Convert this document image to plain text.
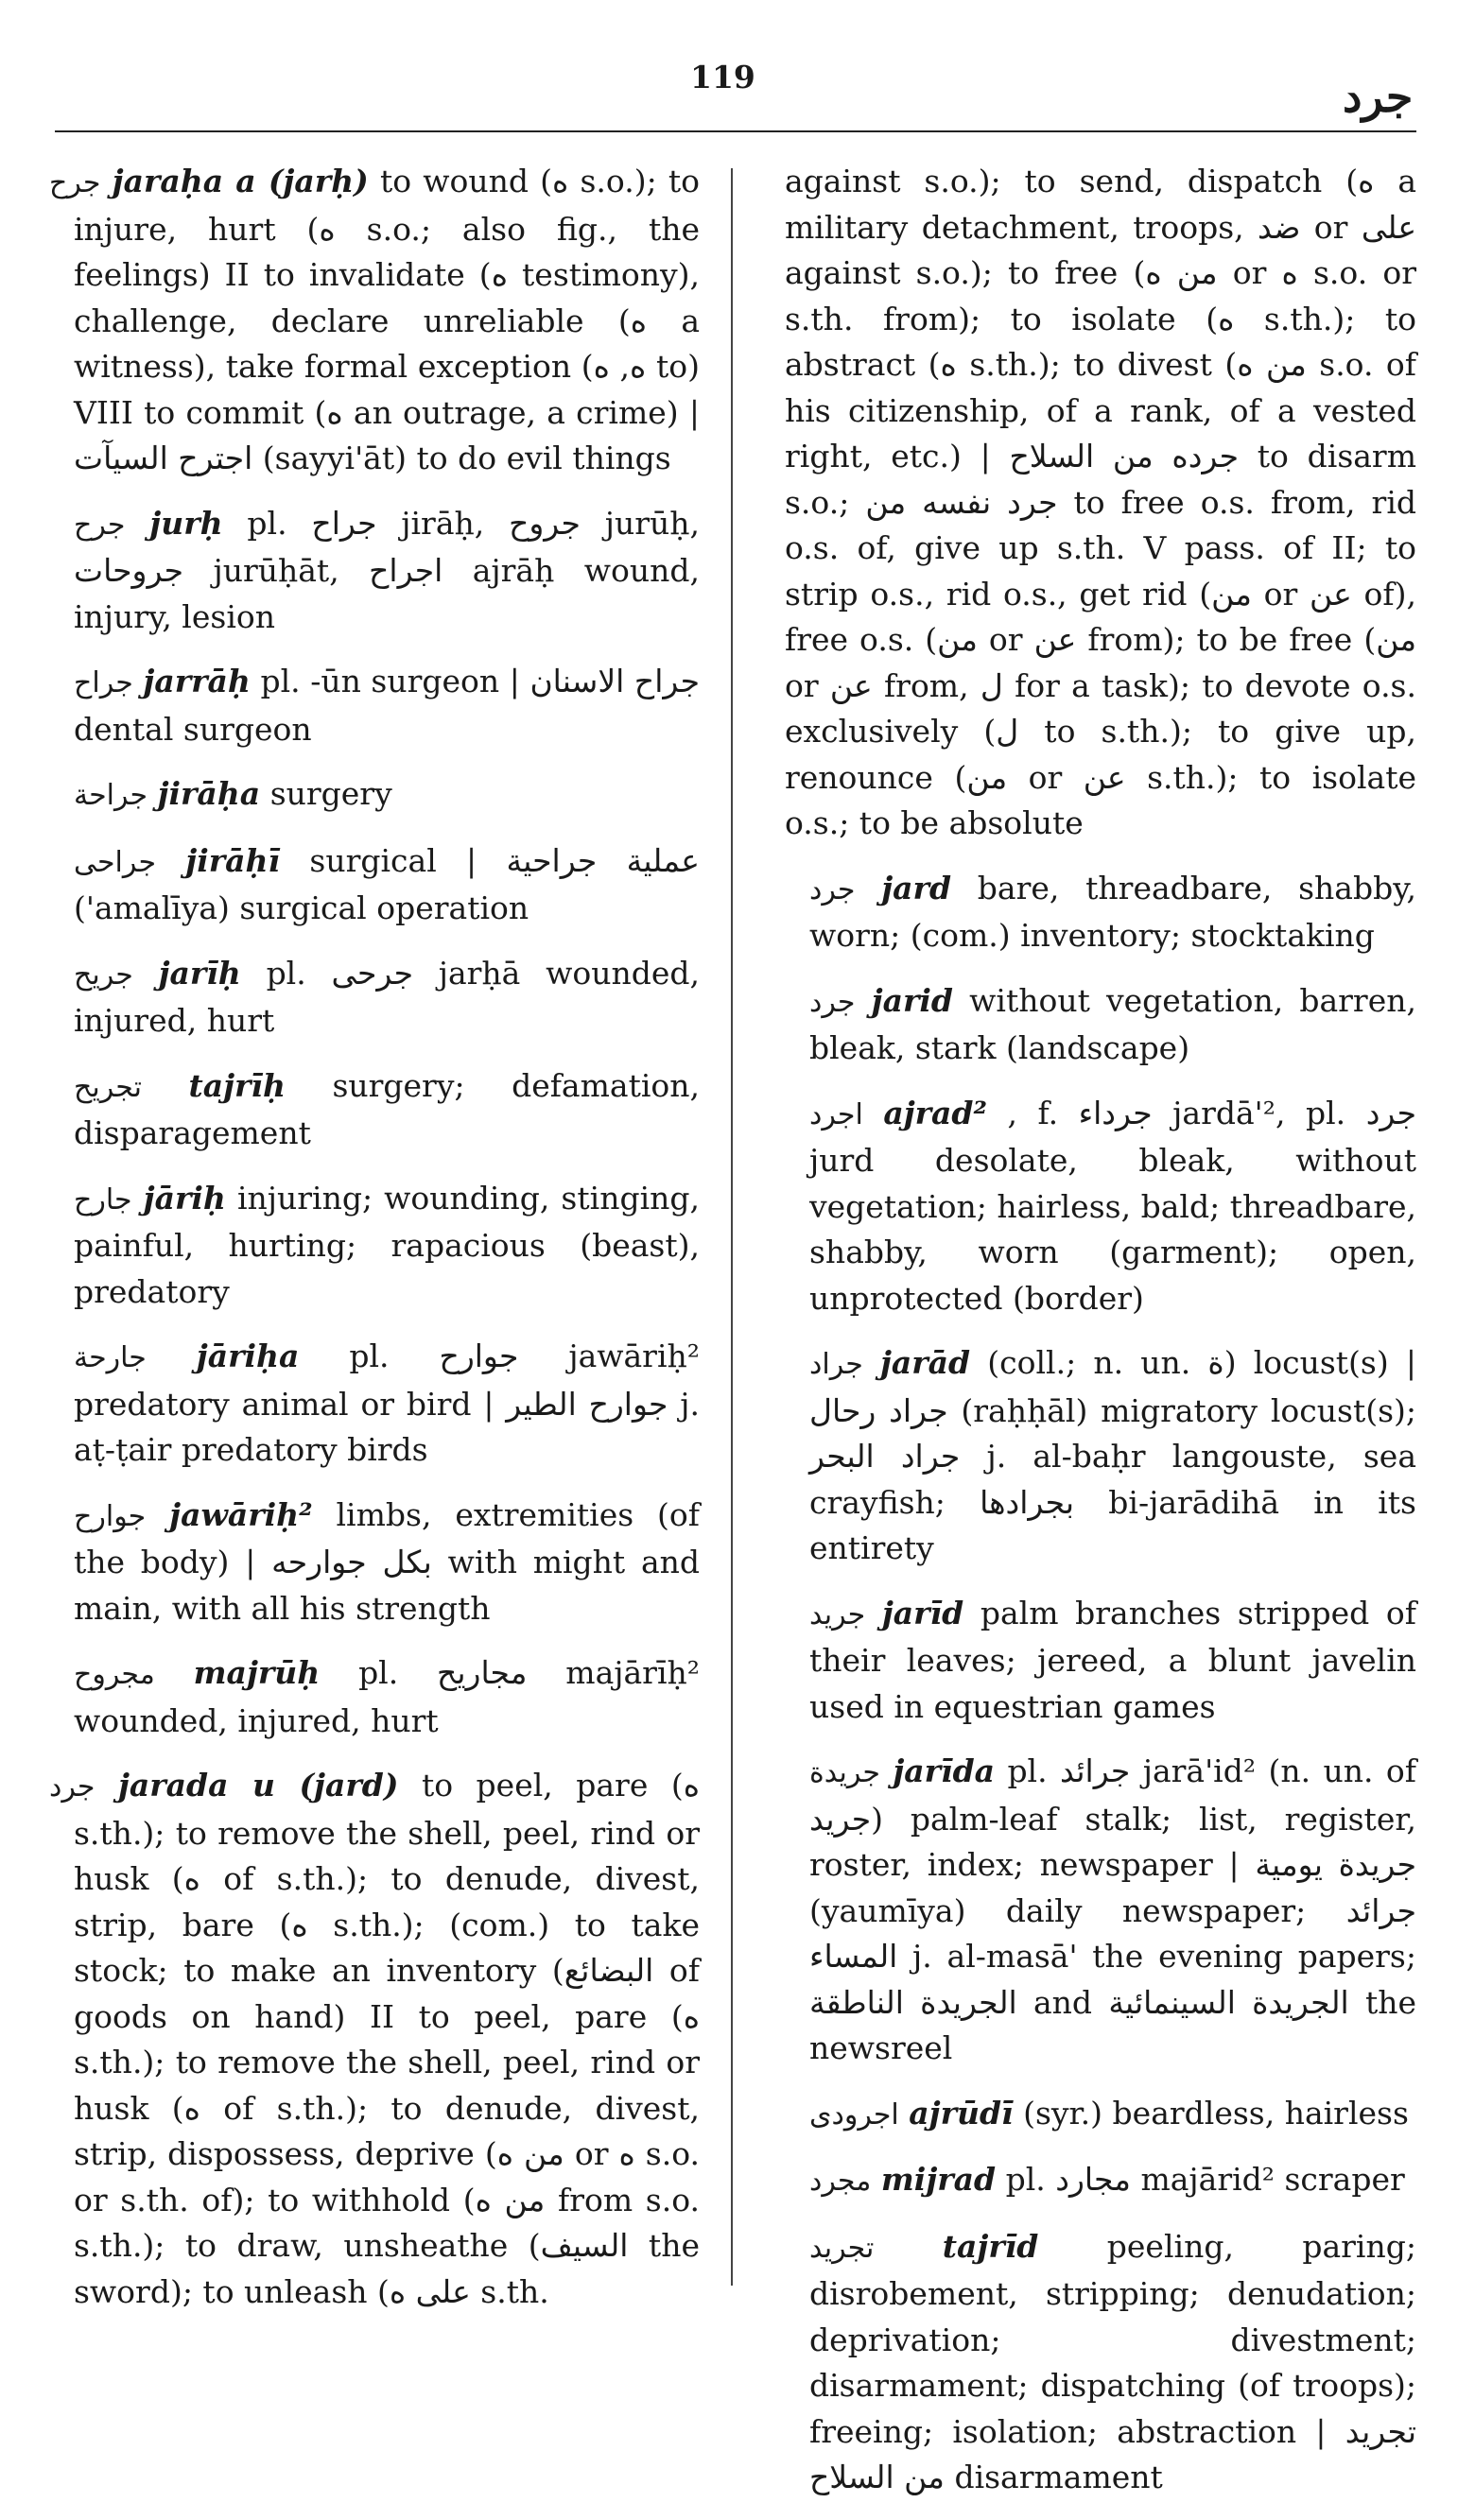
119	جرد

جرح jaraḥa a (jarḥ) to wound (ه s.o.); to injure, hurt (ه s.o.; also fig., the feelings) II to invalidate (ه testimony), challenge, declare unreliable (ه a witness), take formal exception (ه, ه to) VIII to commit (ه an outrage, a crime) | اجترح السيآت (sayyi'āt) to do evil things

جرح jurḥ pl. جراح jirāḥ, جروح jurūḥ, جروحات jurūḥāt, اجراح ajrāḥ wound, injury, lesion

جراح jarrāḥ pl. -ūn surgeon | جراح الاسنان dental surgeon

جراحة jirāḥa surgery

جراحى jirāḥī surgical | عملية جراحية ('amalīya) surgical operation

جريح jarīḥ pl. جرحى jarḥā wounded, injured, hurt

تجريح tajrīḥ surgery; defamation, disparagement

جارح jāriḥ injuring; wounding, stinging, painful, hurting; rapacious (beast), predatory

جارحة jāriḥa pl. جوارح jawāriḥ² predatory animal or bird | جوارح الطير j. aṭ-ṭair predatory birds

جوارح jawāriḥ² limbs, extremities (of the body) | بكل جوارحه with might and main, with all his strength

مجروح majrūḥ pl. مجاريح majārīḥ² wounded, injured, hurt

جرد jarada u (jard) to peel, pare (ه s.th.); to remove the shell, peel, rind or husk (ه of s.th.); to denude, divest, strip, bare (ه s.th.); (com.) to take stock; to make an inventory (البضائع of goods on hand) II to peel, pare (ه s.th.); to remove the shell, peel, rind or husk (ه of s.th.); to denude, divest, strip, dispossess, deprive (من ه or ه s.o. or s.th. of); to withhold (من ه from s.o. s.th.); to draw, unsheathe (السيف the sword); to unleash (على ه s.th.

against s.o.); to send, dispatch (ه a military detachment, troops, ضد or على against s.o.); to free (من ه or ه s.o. or s.th. from); to isolate (ه s.th.); to abstract (ه s.th.); to divest (من ه s.o. of his citizenship, of a rank, of a vested right, etc.) | جرده من السلاح to disarm s.o.; جرد نفسه من to free o.s. from, rid o.s. of, give up s.th. V pass. of II; to strip o.s., rid o.s., get rid (من or عن of), free o.s. (من or عن from); to be free (من or عن from, ل for a task); to devote o.s. exclusively (ل to s.th.); to give up, renounce (من or عن s.th.); to isolate o.s.; to be absolute

جرد jard bare, threadbare, shabby, worn; (com.) inventory; stocktaking

جرد jarid without vegetation, barren, bleak, stark (landscape)

اجرد ajrad² , f. جرداء jardā'², pl. جرد jurd desolate, bleak, without vegetation; hairless, bald; threadbare, shabby, worn (garment); open, unprotected (border)

جراد jarād (coll.; n. un. ة) locust(s) | جراد رحال (raḥḥāl) migratory locust(s); جراد البحر j. al-baḥr langouste, sea crayfish; بجرادها bi-jarādihā in its entirety

جريد jarīd palm branches stripped of their leaves; jereed, a blunt javelin used in equestrian games

جريدة jarīda pl. جرائد jarā'id² (n. un. of جريد) palm-leaf stalk; list, register, roster, index; newspaper | جريدة يومية (yaumīya) daily newspaper; جرائد المساء j. al-masā' the evening papers; الجريدة الناطقة and الجريدة السينمائية the newsreel

اجرودى ajrūdī (syr.) beardless, hairless

مجرد mijrad pl. مجارد majārid² scraper

تجريد tajrīd peeling, paring; disrobement, stripping; denudation; deprivation; divestment; disarmament; dispatching (of troops); freeing; isolation; abstraction | تجريد من السلاح disarmament
